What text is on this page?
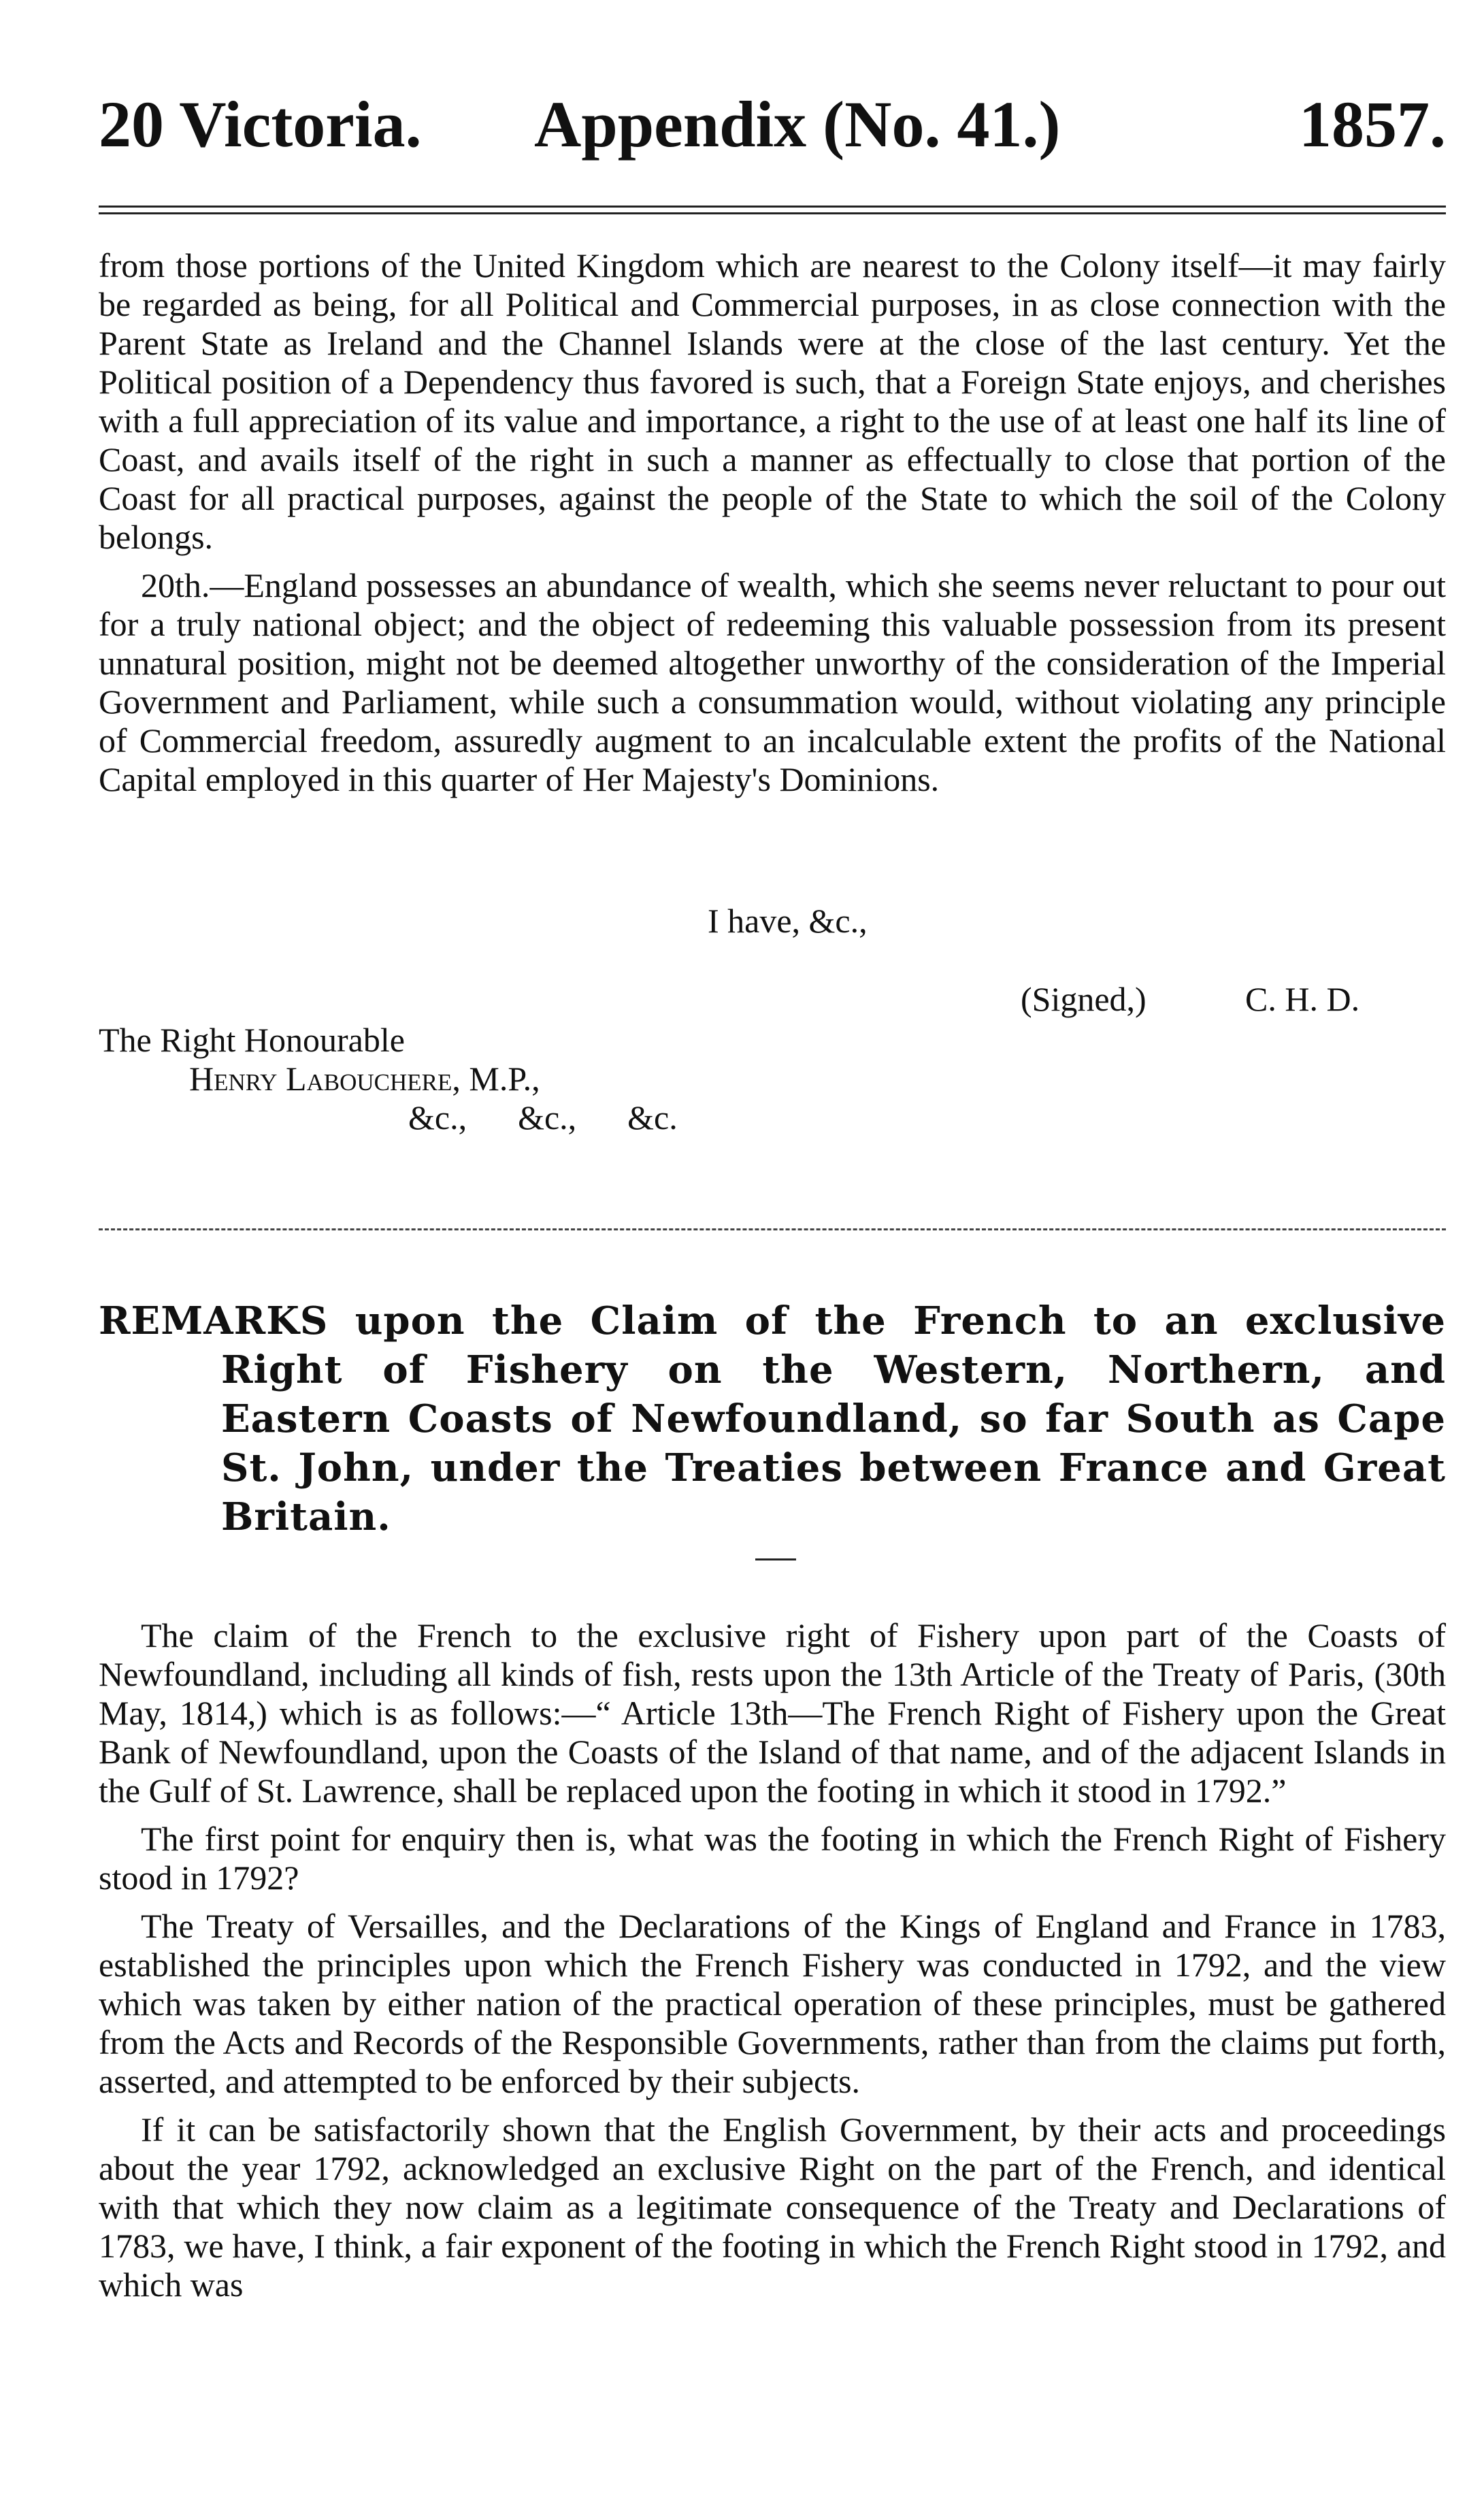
20 Victoria. Appendix (No. 41.)	1857.

from those portions of the United Kingdom which are nearest to the Colony itself—it may fairly be regarded as being, for all Political and Commercial purposes, in as close connection with the Parent State as Ireland and the Channel Islands were at the close of the last century. Yet the Political position of a Dependency thus favored is such, that a Foreign State enjoys, and cherishes with a full appreciation of its value and importance, a right to the use of at least one half its line of Coast, and avails itself of the right in such a manner as effectually to close that portion of the Coast for all practical purposes, against the people of the State to which the soil of the Colony belongs.

20th.—England possesses an abundance of wealth, which she seems never reluctant to pour out for a truly national object; and the object of redeeming this valuable possession from its present unnatural position, might not be deemed altogether unworthy of the consideration of the Imperial Government and Parliament, while such a consummation would, without violating any principle of Commercial freedom, assuredly augment to an incalculable extent the profits of the National Capital employed in this quarter of Her Majesty's Dominions.

I have, &c.,
(Signed,)	C. H. D.
The Right Honourable
Henry Labouchere, M.P.,
&c.,      &c.,      &c.
REMARKS upon the Claim of the French to an exclusive Right of Fishery on the Western, Northern, and Eastern Coasts of Newfoundland, so far South as Cape St. John, under the Treaties between France and Great Britain.

The claim of the French to the exclusive right of Fishery upon part of the Coasts of Newfoundland, including all kinds of fish, rests upon the 13th Article of the Treaty of Paris, (30th May, 1814,) which is as follows:—“ Article 13th—The French Right of Fishery upon the Great Bank of Newfoundland, upon the Coasts of the Island of that name, and of the adjacent Islands in the Gulf of St. Lawrence, shall be replaced upon the footing in which it stood in 1792.”

The first point for enquiry then is, what was the footing in which the French Right of Fishery stood in 1792?

The Treaty of Versailles, and the Declarations of the Kings of England and France in 1783, established the principles upon which the French Fishery was conducted in 1792, and the view which was taken by either nation of the practical operation of these principles, must be gathered from the Acts and Records of the Responsible Governments, rather than from the claims put forth, asserted, and attempted to be enforced by their subjects.

If it can be satisfactorily shown that the English Government, by their acts and proceedings about the year 1792, acknowledged an exclusive Right on the part of the French, and identical with that which they now claim as a legitimate consequence of the Treaty and Declarations of 1783, we have, I think, a fair exponent of the footing in which the French Right stood in 1792, and which was
